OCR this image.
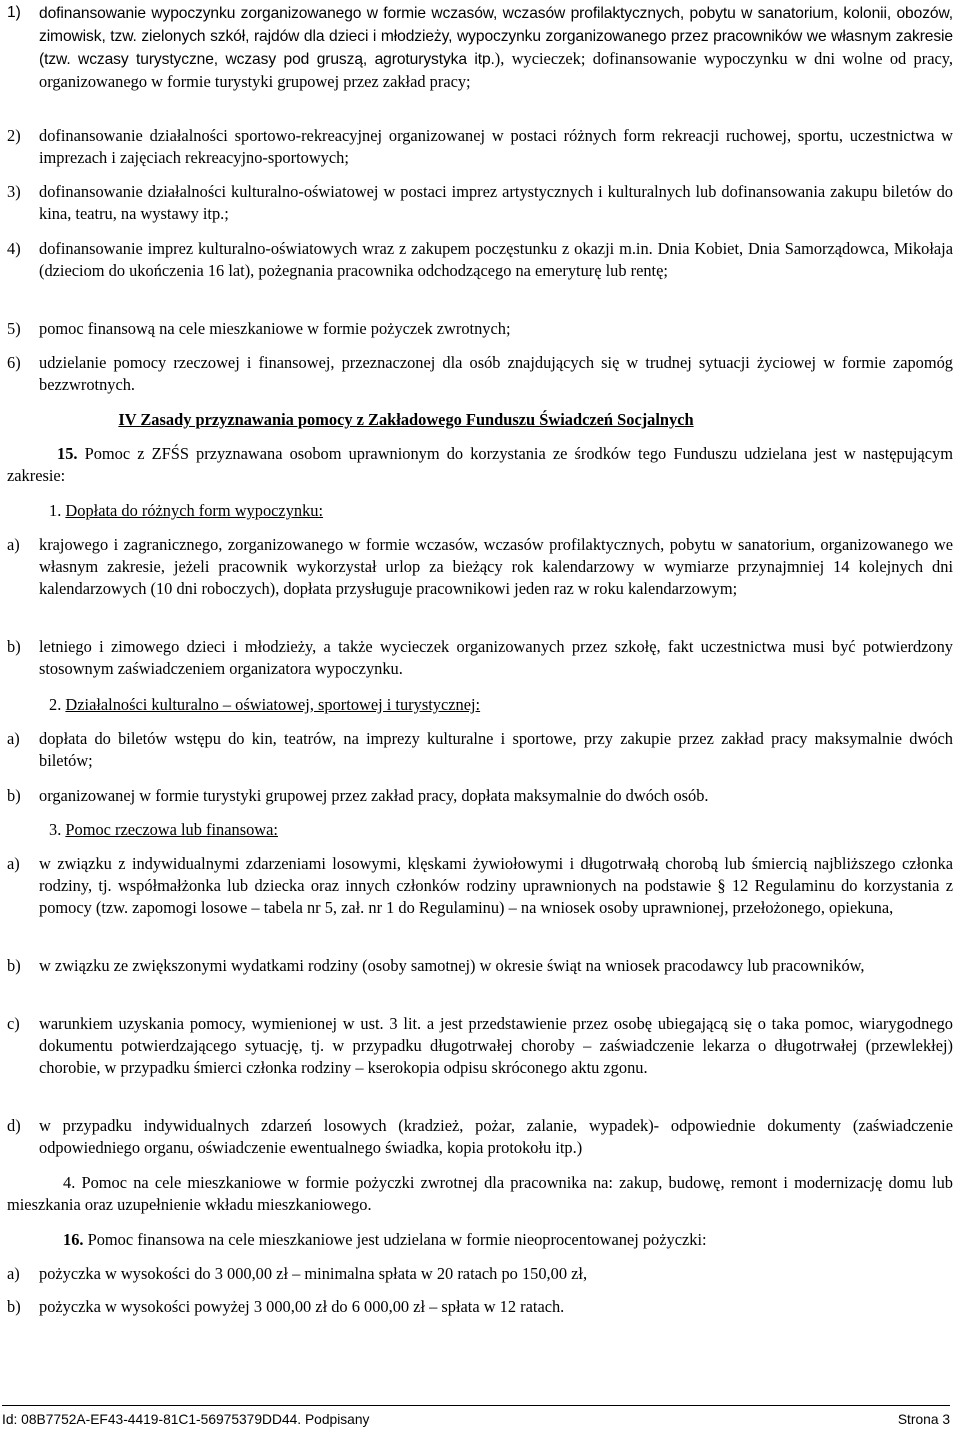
1)	dofinansowanie wypoczynku zorganizowanego w formie wczasów, wczasów profilaktycznych, pobytu w sanatorium, kolonii, obozów, zimowisk, tzw. zielonych szkół, rajdów dla dzieci i młodzieży, wypoczynku zorganizowanego przez pracowników we własnym zakresie (tzw. wczasy turystyczne, wczasy pod gruszą, agroturystyka itp.), wycieczek; dofinansowanie wypoczynku w dni wolne od pracy, organizowanego w formie turystyki grupowej przez zakład pracy;
2)	dofinansowanie działalności sportowo-rekreacyjnej organizowanej w postaci różnych form rekreacji ruchowej, sportu, uczestnictwa w imprezach i zajęciach rekreacyjno-sportowych;
3)	dofinansowanie działalności kulturalno-oświatowej w postaci imprez artystycznych i kulturalnych lub dofinansowania zakupu biletów do kina, teatru, na wystawy itp.;
4)	dofinansowanie imprez kulturalno-oświatowych wraz z zakupem poczęstunku z okazji m.in. Dnia Kobiet, Dnia Samorządowca, Mikołaja (dzieciom do ukończenia 16 lat), pożegnania pracownika odchodzącego na emeryturę lub rentę;
5)	pomoc finansową na cele mieszkaniowe w formie pożyczek zwrotnych;
6)	udzielanie pomocy rzeczowej i finansowej, przeznaczonej dla osób znajdujących się w trudnej sytuacji życiowej w formie zapomóg bezzwrotnych.
IV Zasady przyznawania pomocy z Zakładowego Funduszu Świadczeń Socjalnych
15. Pomoc z ZFŚS przyznawana osobom uprawnionym do korzystania ze środków tego Funduszu udzielana jest w następującym zakresie:
1. Dopłata do różnych form wypoczynku:
a)	krajowego i zagranicznego, zorganizowanego w formie wczasów, wczasów profilaktycznych, pobytu w sanatorium, organizowanego we własnym zakresie, jeżeli pracownik wykorzystał urlop za bieżący rok kalendarzowy w wymiarze przynajmniej 14 kolejnych dni kalendarzowych (10 dni roboczych), dopłata przysługuje pracownikowi jeden raz w roku kalendarzowym;
b)	letniego i zimowego dzieci i młodzieży, a także wycieczek organizowanych przez szkołę, fakt uczestnictwa musi być potwierdzony stosownym zaświadczeniem organizatora wypoczynku.
2. Działalności kulturalno – oświatowej, sportowej i turystycznej:
a)	dopłata do biletów wstępu do kin, teatrów, na imprezy kulturalne i sportowe, przy zakupie przez zakład pracy maksymalnie dwóch biletów;
b)	organizowanej w formie turystyki grupowej przez zakład pracy, dopłata maksymalnie do dwóch osób.
3. Pomoc rzeczowa lub finansowa:
a)	w związku z indywidualnymi zdarzeniami losowymi, klęskami żywiołowymi i długotrwałą chorobą lub śmiercią najbliższego członka rodziny, tj. współmałżonka lub dziecka oraz innych członków rodziny uprawnionych na podstawie § 12 Regulaminu do korzystania z pomocy (tzw. zapomogi losowe – tabela nr 5, zał. nr 1 do Regulaminu) – na wniosek osoby uprawnionej, przełożonego, opiekuna,
b)	w związku ze zwiększonymi wydatkami rodziny (osoby samotnej) w okresie świąt na wniosek pracodawcy lub pracowników,
c)	warunkiem uzyskania pomocy, wymienionej w ust. 3 lit. a jest przedstawienie przez osobę ubiegającą się o taka pomoc, wiarygodnego dokumentu potwierdzającego sytuację, tj. w przypadku długotrwałej choroby – zaświadczenie lekarza o długotrwałej (przewlekłej) chorobie, w przypadku śmierci członka rodziny – kserokopia odpisu skróconego aktu zgonu.
d)	w przypadku indywidualnych zdarzeń losowych (kradzież, pożar, zalanie, wypadek)- odpowiednie dokumenty (zaświadczenie odpowiedniego organu, oświadczenie ewentualnego świadka, kopia protokołu itp.)
4. Pomoc na cele mieszkaniowe w formie pożyczki zwrotnej dla pracownika na: zakup, budowę, remont i modernizację domu lub mieszkania oraz uzupełnienie wkładu mieszkaniowego.
16. Pomoc finansowa na cele mieszkaniowe jest udzielana w formie nieoprocentowanej pożyczki:
a)	pożyczka w wysokości do 3 000,00 zł – minimalna spłata w 20 ratach po 150,00 zł,
b)	pożyczka w wysokości powyżej 3 000,00 zł do 6 000,00 zł – spłata w 12 ratach.
Id: 08B7752A-EF43-4419-81C1-56975379DD44. Podpisany	Strona 3
